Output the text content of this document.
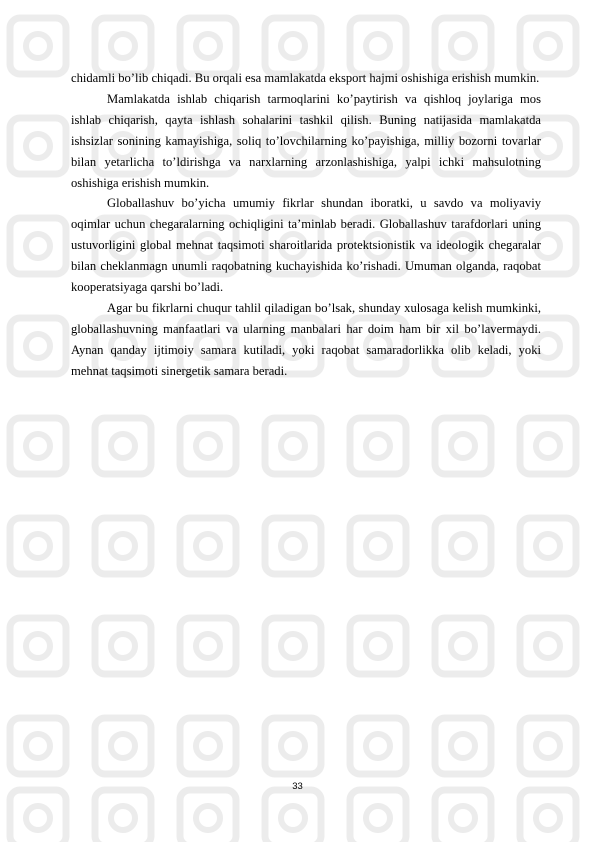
chidamli bo’lib chiqadi. Bu orqali esa mamlakatda eksport hajmi oshishiga erishish mumkin.

Mamlakatda ishlab chiqarish tarmoqlarini ko’paytirish va qishloq joylariga mos ishlab chiqarish, qayta ishlash sohalarini tashkil qilish. Buning natijasida mamlakatda ishsizlar sonining kamayishiga, soliq to’lovchilarning ko’payishiga, milliy bozorni tovarlar bilan yetarlicha to’ldirishga va narxlarning arzonlashishiga, yalpi ichki mahsulotning oshishiga erishish mumkin.

Globallashuv bo’yicha umumiy fikrlar shundan iboratki, u savdo va moliyaviy oqimlar uchun chegaralarning ochiqligini ta’minlab beradi. Globallashuv tarafdorlari uning ustuvorligini global mehnat taqsimoti sharoitlarida protektsionistik va ideologik chegaralar bilan cheklanmagn unumli raqobatning kuchayishida ko’rishadi. Umuman olganda, raqobat kooperatsiyaga qarshi bo’ladi.

Agar bu fikrlarni chuqur tahlil qiladigan bo’lsak, shunday xulosaga kelish mumkinki, globallashuvning manfaatlari va ularning manbalari har doim ham bir xil bo’lavermaydi. Aynan qanday ijtimoiy samara kutiladi, yoki raqobat samaradorlikka olib keladi, yoki mehnat taqsimoti sinergetik samara beradi.

33
